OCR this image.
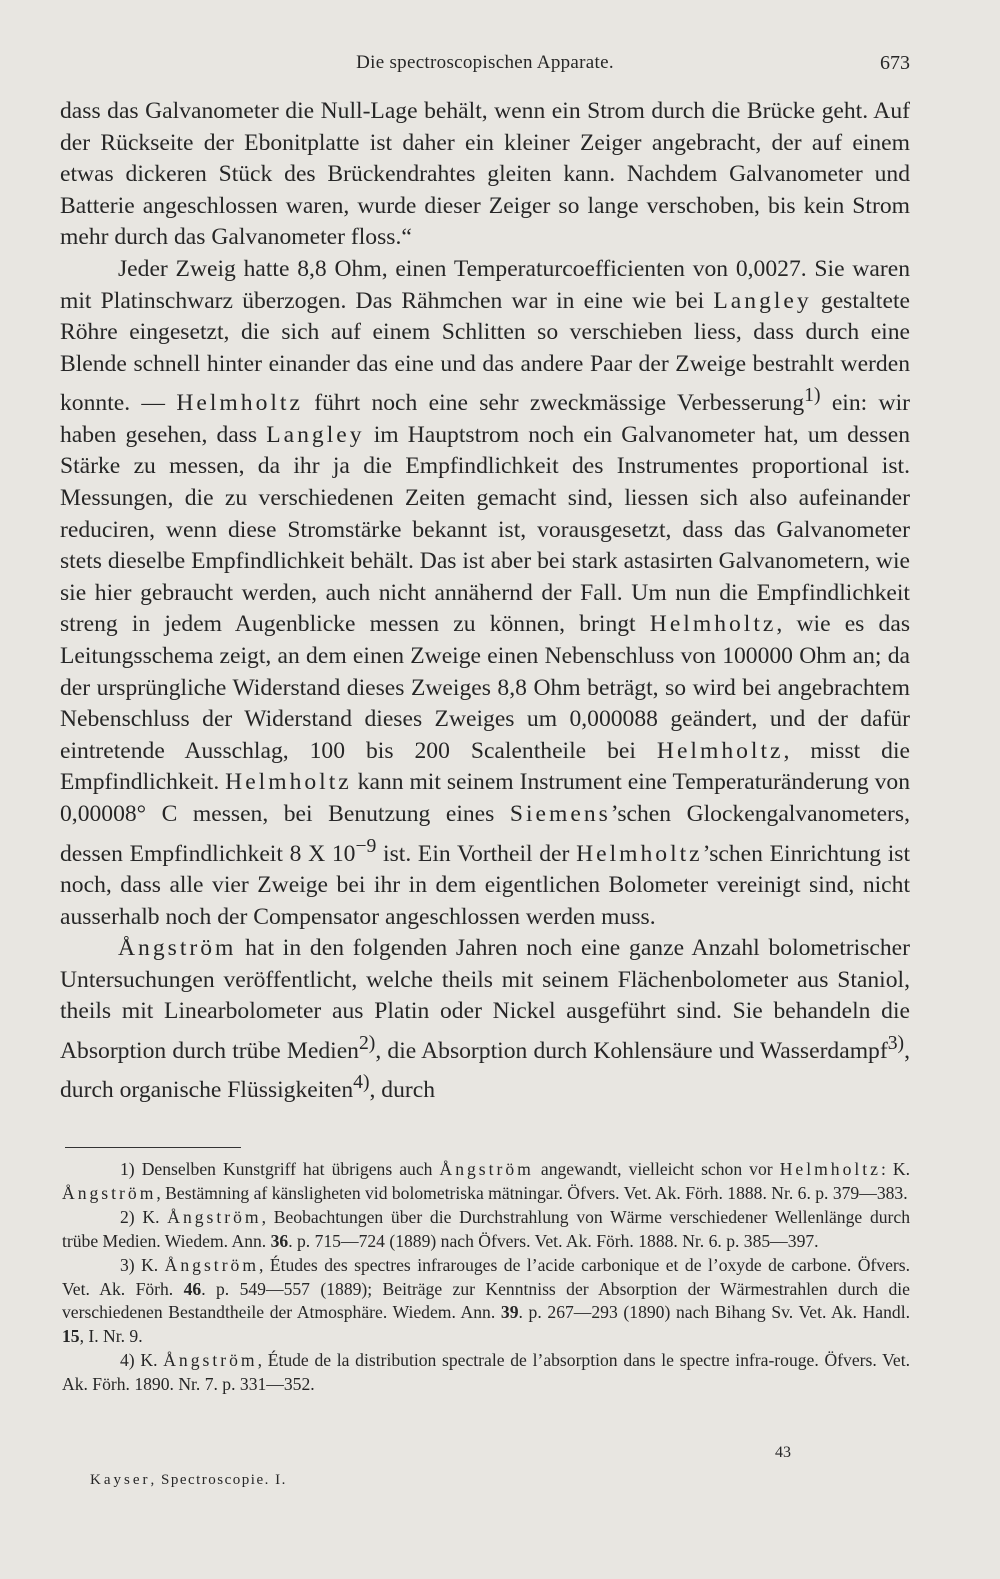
Die spectroscopischen Apparate.	673

dass das Galvanometer die Null-Lage behält, wenn ein Strom durch die Brücke geht. Auf der Rückseite der Ebonitplatte ist daher ein kleiner Zeiger angebracht, der auf einem etwas dickeren Stück des Brückendrahtes gleiten kann. Nachdem Galvanometer und Batterie angeschlossen waren, wurde dieser Zeiger so lange verschoben, bis kein Strom mehr durch das Galvanometer floss.“

Jeder Zweig hatte 8,8 Ohm, einen Temperaturcoefficienten von 0,0027. Sie waren mit Platinschwarz überzogen. Das Rähmchen war in eine wie bei Langley gestaltete Röhre eingesetzt, die sich auf einem Schlitten so verschieben liess, dass durch eine Blende schnell hinter einander das eine und das andere Paar der Zweige bestrahlt werden konnte. — Helmholtz führt noch eine sehr zweckmässige Verbesserung$^{1)}$ ein: wir haben gesehen, dass Langley im Hauptstrom noch ein Galvanometer hat, um dessen Stärke zu messen, da ihr ja die Empfindlichkeit des Instrumentes proportional ist. Messungen, die zu verschiedenen Zeiten gemacht sind, liessen sich also aufeinander reduciren, wenn diese Stromstärke bekannt ist, vorausgesetzt, dass das Galvanometer stets dieselbe Empfindlichkeit behält. Das ist aber bei stark astasirten Galvanometern, wie sie hier gebraucht werden, auch nicht annähernd der Fall. Um nun die Empfindlichkeit streng in jedem Augenblicke messen zu können, bringt Helmholtz, wie es das Leitungsschema zeigt, an dem einen Zweige einen Nebenschluss von 100000 Ohm an; da der ursprüngliche Widerstand dieses Zweiges 8,8 Ohm beträgt, so wird bei angebrachtem Nebenschluss der Widerstand dieses Zweiges um 0,000088 geändert, und der dafür eintretende Ausschlag, 100 bis 200 Scalentheile bei Helmholtz, misst die Empfindlichkeit. Helmholtz kann mit seinem Instrument eine Temperaturänderung von 0,00008° C messen, bei Benutzung eines Siemens’schen Glockengalvanometers, dessen Empfindlichkeit 8 X $10^{-9}$ ist. Ein Vortheil der Helmholtz’schen Einrichtung ist noch, dass alle vier Zweige bei ihr in dem eigentlichen Bolometer vereinigt sind, nicht ausserhalb noch der Compensator angeschlossen werden muss.

Ångström hat in den folgenden Jahren noch eine ganze Anzahl bolometrischer Untersuchungen veröffentlicht, welche theils mit seinem Flächenbolometer aus Staniol, theils mit Linearbolometer aus Platin oder Nickel ausgeführt sind. Sie behandeln die Absorption durch trübe Medien$^{2)}$, die Absorption durch Kohlensäure und Wasserdampf$^{3)}$, durch organische Flüssigkeiten$^{4)}$, durch

1) Denselben Kunstgriff hat übrigens auch Ångström angewandt, vielleicht schon vor Helmholtz: K. Ångström, Bestämning af känsligheten vid bolometriska mätningar. Öfvers. Vet. Ak. Förh. 1888. Nr. 6. p. 379—383.

2) K. Ångström, Beobachtungen über die Durchstrahlung von Wärme verschiedener Wellenlänge durch trübe Medien. Wiedem. Ann. 36. p. 715—724 (1889) nach Öfvers. Vet. Ak. Förh. 1888. Nr. 6. p. 385—397.

3) K. Ångström, Études des spectres infrarouges de l’acide carbonique et de l’oxyde de carbone. Öfvers. Vet. Ak. Förh. 46. p. 549—557 (1889); Beiträge zur Kenntniss der Absorption der Wärmestrahlen durch die verschiedenen Bestandtheile der Atmosphäre. Wiedem. Ann. 39. p. 267—293 (1890) nach Bihang Sv. Vet. Ak. Handl. 15, I. Nr. 9.

4) K. Ångström, Étude de la distribution spectrale de l’absorption dans le spectre infra-rouge. Öfvers. Vet. Ak. Förh. 1890. Nr. 7. p. 331—352.

43
Kayser, Spectroscopie. I.
